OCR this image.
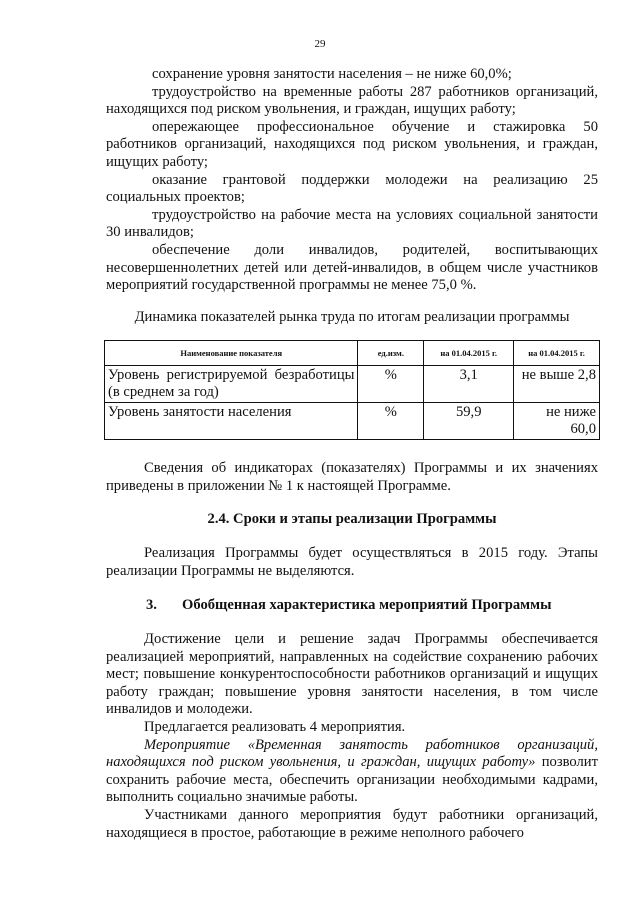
29

сохранение уровня занятости населения – не ниже 60,0%;

трудоустройство на временные работы 287 работников организаций, находящихся под риском увольнения, и граждан, ищущих работу;

опережающее профессиональное обучение и стажировка 50 работников организаций, находящихся под риском увольнения, и граждан, ищущих работу;

оказание грантовой поддержки молодежи на реализацию 25 социальных проектов;

трудоустройство на рабочие места на условиях социальной занятости 30 инвалидов;

обеспечение доли инвалидов, родителей, воспитывающих несовершеннолетних детей или детей-инвалидов, в общем числе участников мероприятий государственной программы не менее 75,0 %.

Динамика показателей рынка труда по итогам реализации программы

Наименование показателя	ед.изм.	на 01.04.2015 г.	на 01.04.2015 г.
Уровень регистрируемой безработицы (в среднем за год)	%	3,1	не выше 2,8
Уровень занятости населения	%	59,9	не ниже 60,0

Сведения об индикаторах (показателях) Программы и их значениях приведены в приложении № 1 к настоящей Программе.

2.4. Сроки и этапы реализации Программы

Реализация Программы будет осуществляться в 2015 году. Этапы реализации Программы не выделяются.

3. Обобщенная характеристика мероприятий Программы

Достижение цели и решение задач Программы обеспечивается реализацией мероприятий, направленных на содействие сохранению рабочих мест; повышение конкурентоспособности работников организаций и ищущих работу граждан; повышение уровня занятости населения, в том числе инвалидов и молодежи.

Предлагается реализовать 4 мероприятия.

Мероприятие «Временная занятость работников организаций, находящихся под риском увольнения, и граждан, ищущих работу» позволит сохранить рабочие места, обеспечить организации необходимыми кадрами, выполнить социально значимые работы.

Участниками данного мероприятия будут работники организаций, находящиеся в простое, работающие в режиме неполного рабочего
